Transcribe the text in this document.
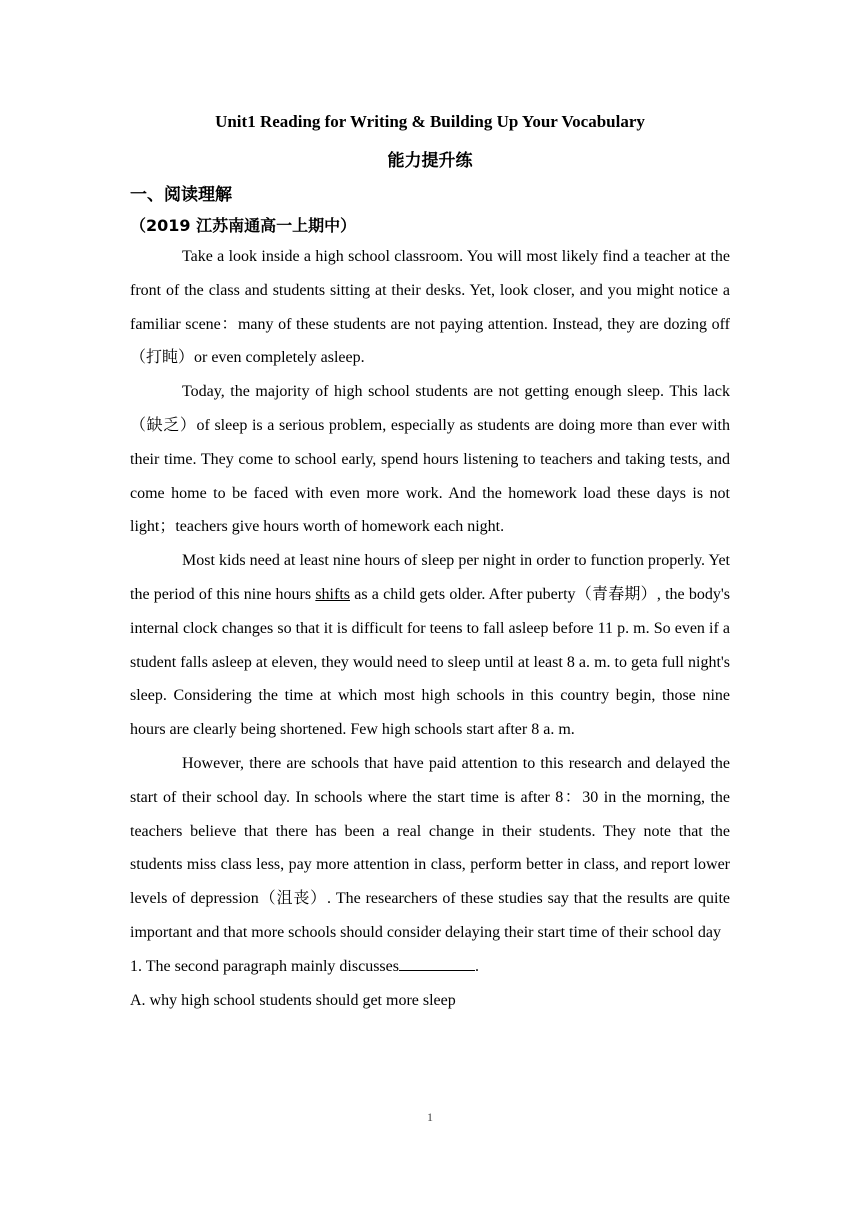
Unit1 Reading for Writing & Building Up Your Vocabulary
能力提升练
一、阅读理解
（2019 江苏南通高一上期中）

Take a look inside a high school classroom. You will most likely find a teacher at the front of the class and students sitting at their desks. Yet, look closer, and you might notice a familiar scene：many of these students are not paying attention. Instead, they are dozing off（打盹）or even completely asleep.

Today, the majority of high school students are not getting enough sleep. This lack（缺乏）of sleep is a serious problem, especially as students are doing more than ever with their time. They come to school early, spend hours listening to teachers and taking tests, and come home to be faced with even more work. And the homework load these days is not light；teachers give hours worth of homework each night.

Most kids need at least nine hours of sleep per night in order to function properly. Yet the period of this nine hours shifts as a child gets older. After puberty（青春期）, the body's internal clock changes so that it is difficult for teens to fall asleep before 11 p. m. So even if a student falls asleep at eleven, they would need to sleep until at least 8 a. m. to geta full night's sleep. Considering the time at which most high schools in this country begin, those nine hours are clearly being shortened. Few high schools start after 8 a. m.

However, there are schools that have paid attention to this research and delayed the start of their school day. In schools where the start time is after 8：30 in the morning, the teachers believe that there has been a real change in their students. They note that the students miss class less, pay more attention in class, perform better in class, and report lower levels of depression（沮丧）. The researchers of these studies say that the results are quite important and that more schools should consider delaying their start time of their school day

1. The second paragraph mainly discusses	.

A. why high school students should get more sleep

1
